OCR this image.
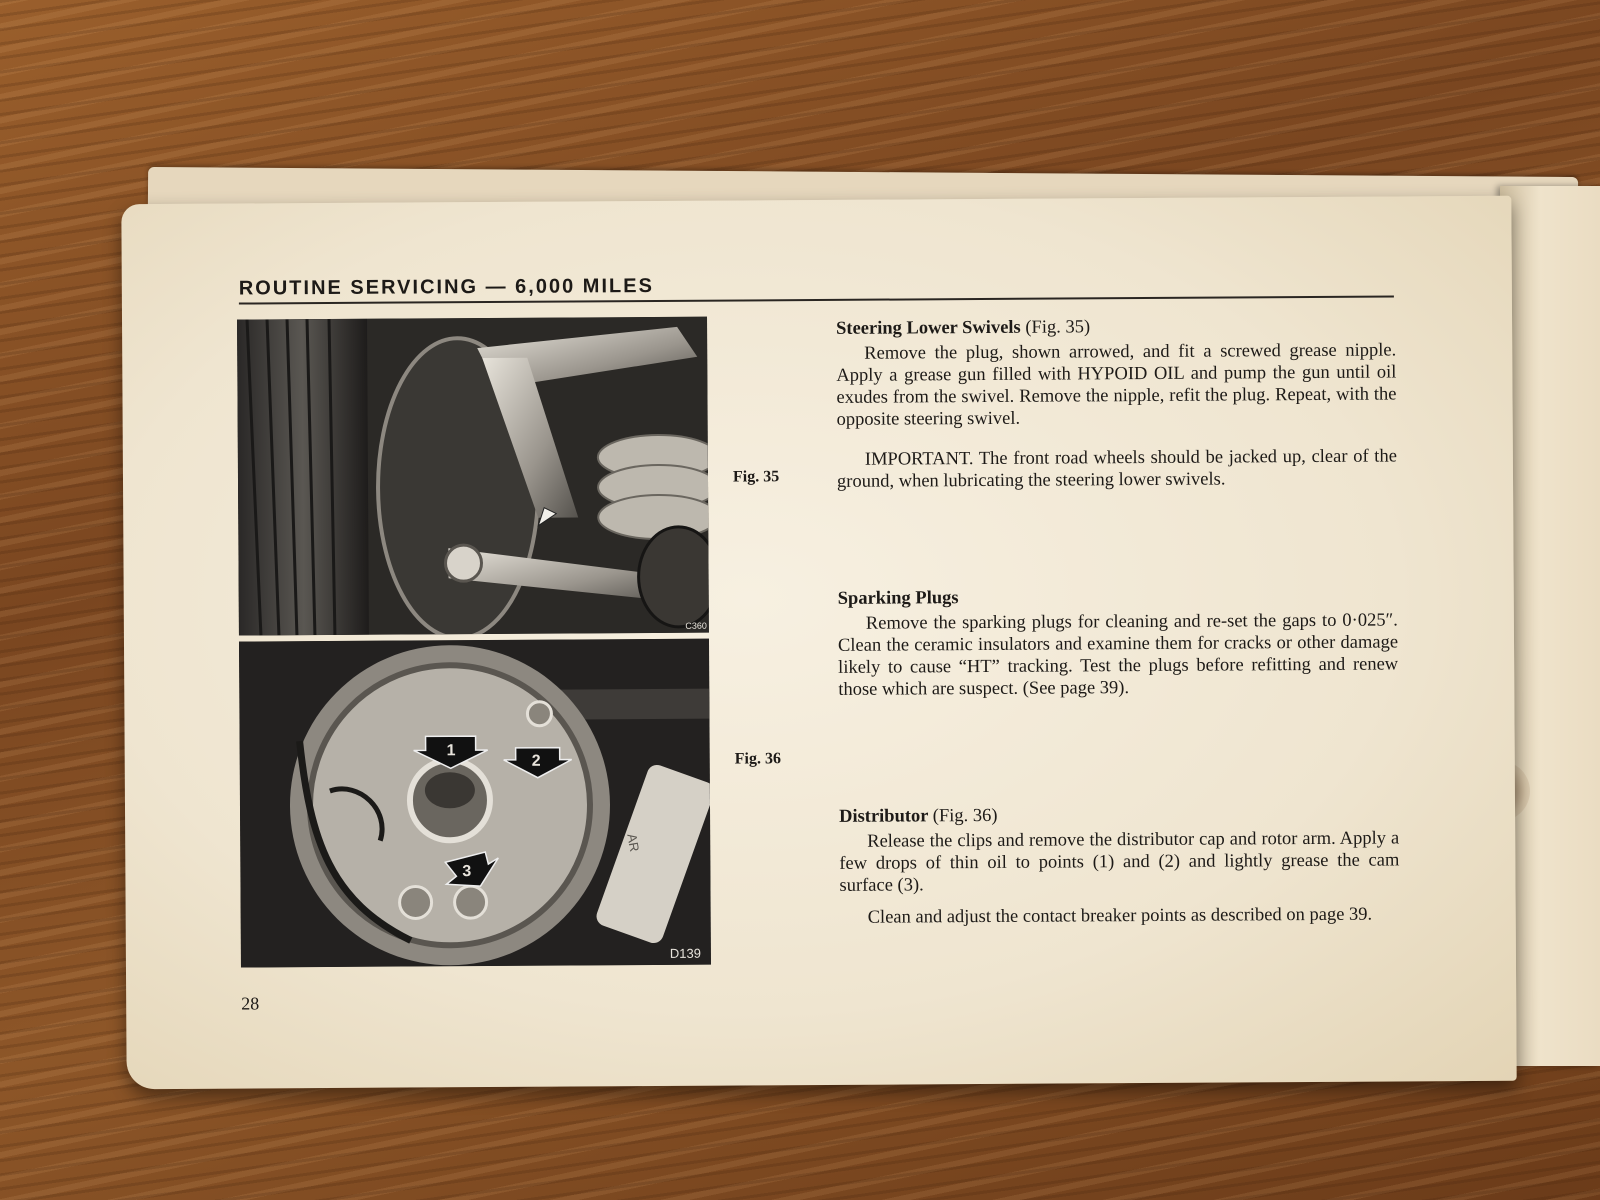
ROUTINE SERVICING — 6,000 MILES
C360
1
2
3
AR
D139
Fig. 35
Fig. 36
Steering Lower Swivels (Fig. 35)

Remove the plug, shown arrowed, and fit a screwed grease nipple. Apply a grease gun filled with HYPOID OIL and pump the gun until oil exudes from the swivel. Remove the nipple, refit the plug. Repeat, with the opposite steering swivel.

IMPORTANT. The front road wheels should be jacked up, clear of the ground, when lubricating the steering lower swivels.

Sparking Plugs

Remove the sparking plugs for cleaning and re-set the gaps to 0·025″. Clean the ceramic insulators and examine them for cracks or other damage likely to cause “HT” tracking. Test the plugs before refitting and renew those which are suspect. (See page 39).

Distributor (Fig. 36)

Release the clips and remove the distributor cap and rotor arm. Apply a few drops of thin oil to points (1) and (2) and lightly grease the cam surface (3).

Clean and adjust the contact breaker points as described on page 39.

28
